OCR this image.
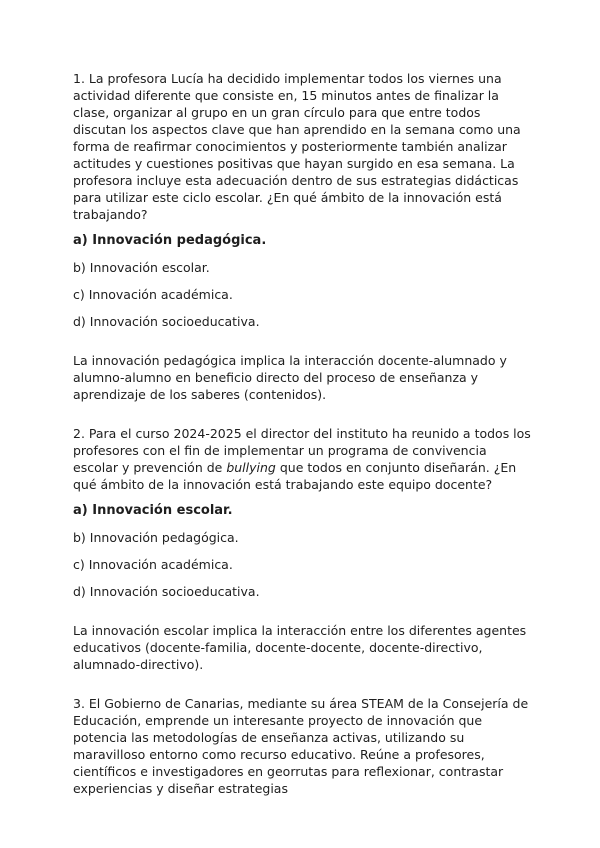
1. La profesora Lucía ha decidido implementar todos los viernes una actividad diferente que consiste en, 15 minutos antes de finalizar la clase, organizar al grupo en un gran círculo para que entre todos discutan los aspectos clave que han aprendido en la semana como una forma de reafirmar conocimientos y posteriormente también analizar actitudes y cuestiones positivas que hayan surgido en esa semana. La profesora incluye esta adecuación dentro de sus estrategias didácticas para utilizar este ciclo escolar. ¿En qué ámbito de la innovación está trabajando?

a) Innovación pedagógica.

b) Innovación escolar.

c) Innovación académica.

d) Innovación socioeducativa.

La innovación pedagógica implica la interacción docente-alumnado y alumno-alumno en beneficio directo del proceso de enseñanza y aprendizaje de los saberes (contenidos).

2. Para el curso 2024-2025 el director del instituto ha reunido a todos los profesores con el fin de implementar un programa de convivencia escolar y prevención de bullying que todos en conjunto diseñarán. ¿En qué ámbito de la innovación está trabajando este equipo docente?

a) Innovación escolar.

b) Innovación pedagógica.

c) Innovación académica.

d) Innovación socioeducativa.

La innovación escolar implica la interacción entre los diferentes agentes educativos (docente-familia, docente-docente, docente-directivo, alumnado-directivo).

3. El Gobierno de Canarias, mediante su área STEAM de la Consejería de Educación, emprende un interesante proyecto de innovación que potencia las metodologías de enseñanza activas, utilizando su maravilloso entorno como recurso educativo. Reúne a profesores, científicos e investigadores en georrutas para reflexionar, contrastar experiencias y diseñar estrategias
